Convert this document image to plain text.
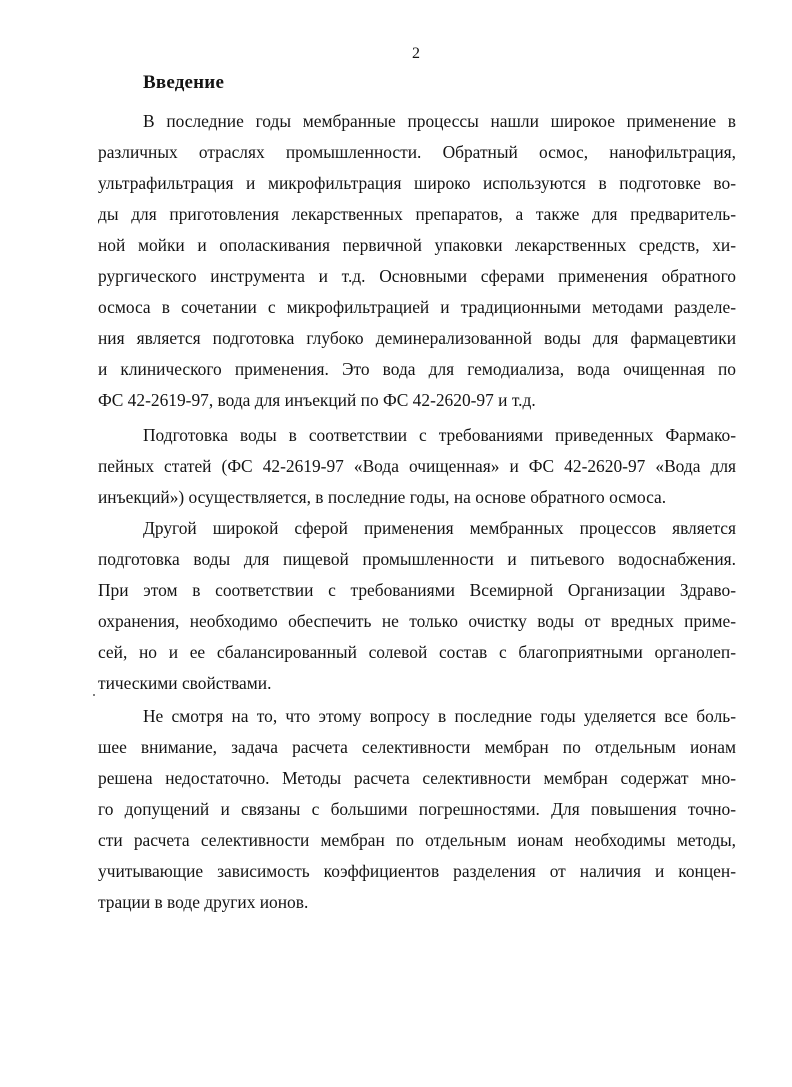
2
Введение
В последние годы мембранные процессы нашли широкое применение в
различных отраслях промышленности. Обратный осмос, нанофильтрация,
ультрафильтрация и микрофильтрация широко используются в подготовке во-
ды для приготовления лекарственных препаратов, а также для предваритель-
ной мойки и ополаскивания первичной упаковки лекарственных средств, хи-
рургического инструмента и т.д. Основными сферами применения обратного
осмоса в сочетании с микрофильтрацией и традиционными методами разделе-
ния является подготовка глубоко деминерализованной воды для фармацевтики
и клинического применения. Это вода для гемодиализа, вода очищенная по
ФС 42-2619-97, вода для инъекций по ФС 42-2620-97 и т.д.
Подготовка воды в соответствии с требованиями приведенных Фармако-
пейных статей (ФС 42-2619-97 «Вода очищенная» и ФС 42-2620-97 «Вода для
инъекций») осуществляется, в последние годы, на основе обратного осмоса.
Другой широкой сферой применения мембранных процессов является
подготовка воды для пищевой промышленности и питьевого водоснабжения.
При этом в соответствии с требованиями Всемирной Организации Здраво-
охранения, необходимо обеспечить не только очистку воды от вредных приме-
сей, но и ее сбалансированный солевой состав с благоприятными органолеп-
тическими свойствами.
Не смотря на то, что этому вопросу в последние годы уделяется все боль-
шее внимание, задача расчета селективности мембран по отдельным ионам
решена недостаточно. Методы расчета селективности мембран содержат мно-
го допущений и связаны с большими погрешностями. Для повышения точно-
сти расчета селективности мембран по отдельным ионам необходимы методы,
учитывающие зависимость коэффициентов разделения от наличия и концен-
трации в воде других ионов.
